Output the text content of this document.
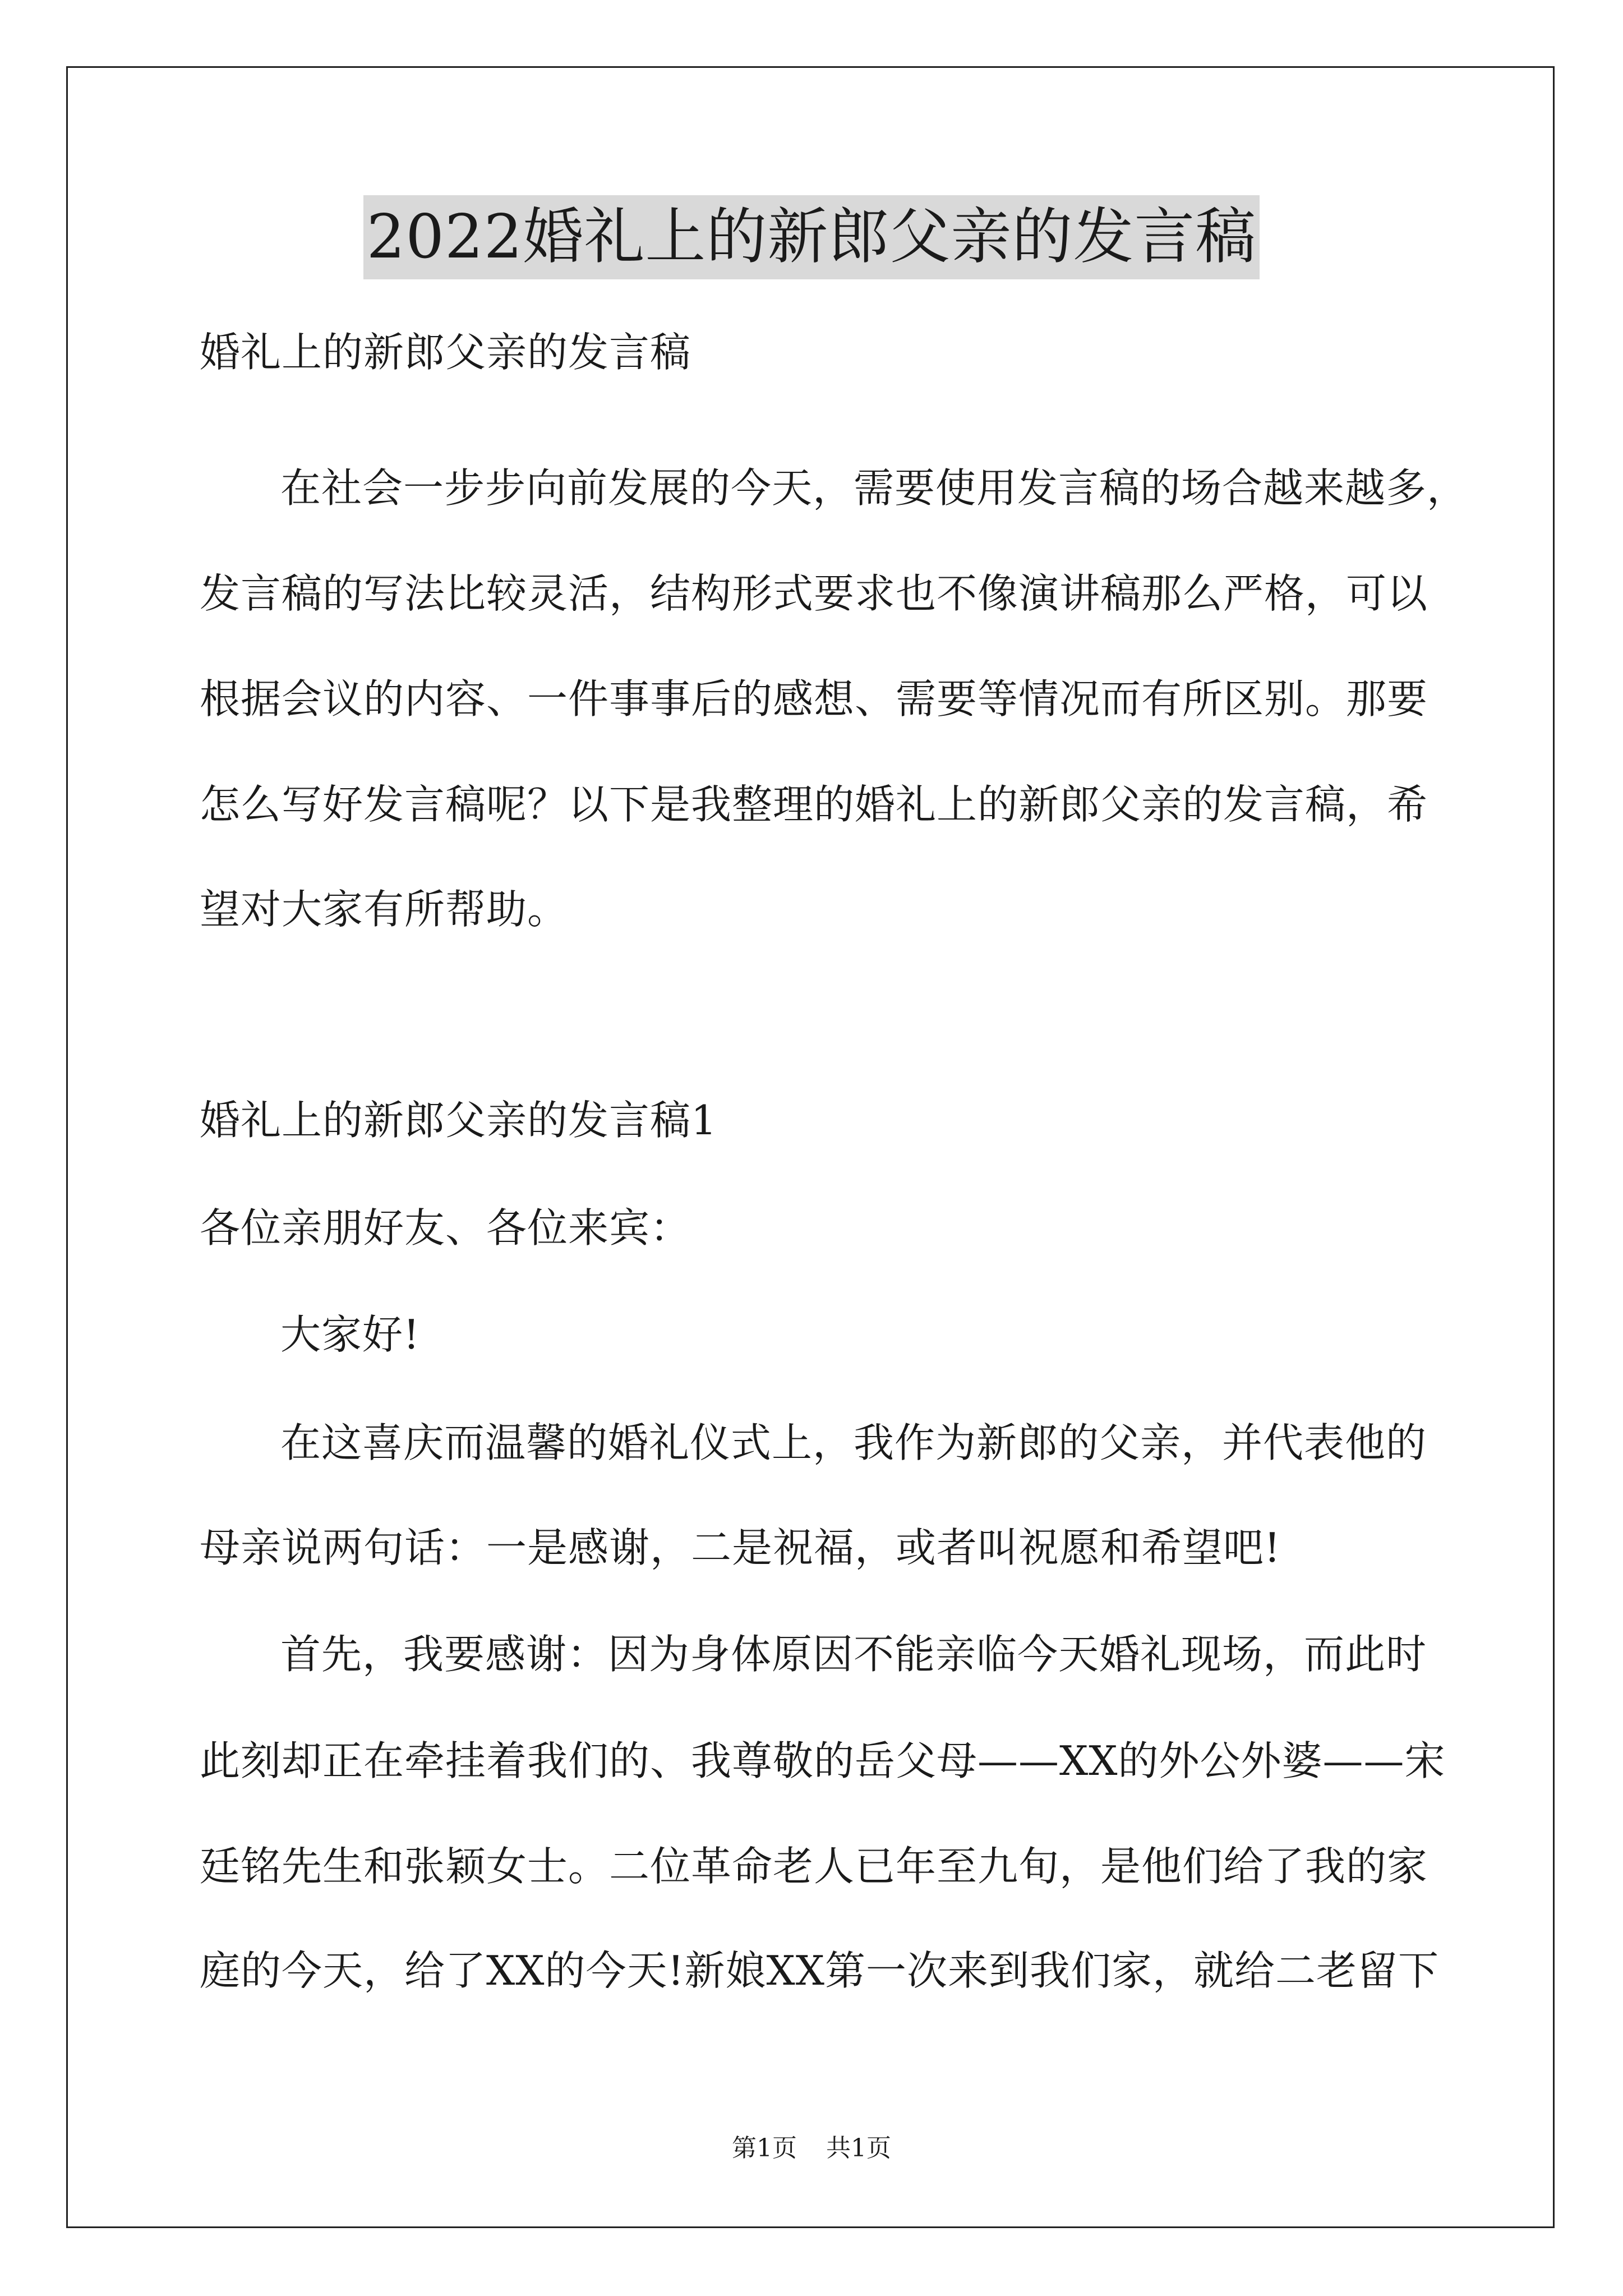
2022婚礼上的新郎父亲的发言稿
婚礼上的新郎父亲的发言稿
在社会一步步向前发展的今天，需要使用发言稿的场合越来越多，
发言稿的写法比较灵活，结构形式要求也不像演讲稿那么严格，可以
根据会议的内容、一件事事后的感想、需要等情况而有所区别。那要
怎么写好发言稿呢？以下是我整理的婚礼上的新郎父亲的发言稿，希
望对大家有所帮助。
婚礼上的新郎父亲的发言稿1
各位亲朋好友、各位来宾：
大家好!
在这喜庆而温馨的婚礼仪式上，我作为新郎的父亲，并代表他的
母亲说两句话：一是感谢，二是祝福，或者叫祝愿和希望吧!
首先，我要感谢：因为身体原因不能亲临今天婚礼现场，而此时
此刻却正在牵挂着我们的、我尊敬的岳父母——XX的外公外婆——宋
廷铭先生和张颖女士。二位革命老人已年至九旬，是他们给了我的家
庭的今天，给了XX的今天!新娘XX第一次来到我们家，就给二老留下
第1页 共1页
